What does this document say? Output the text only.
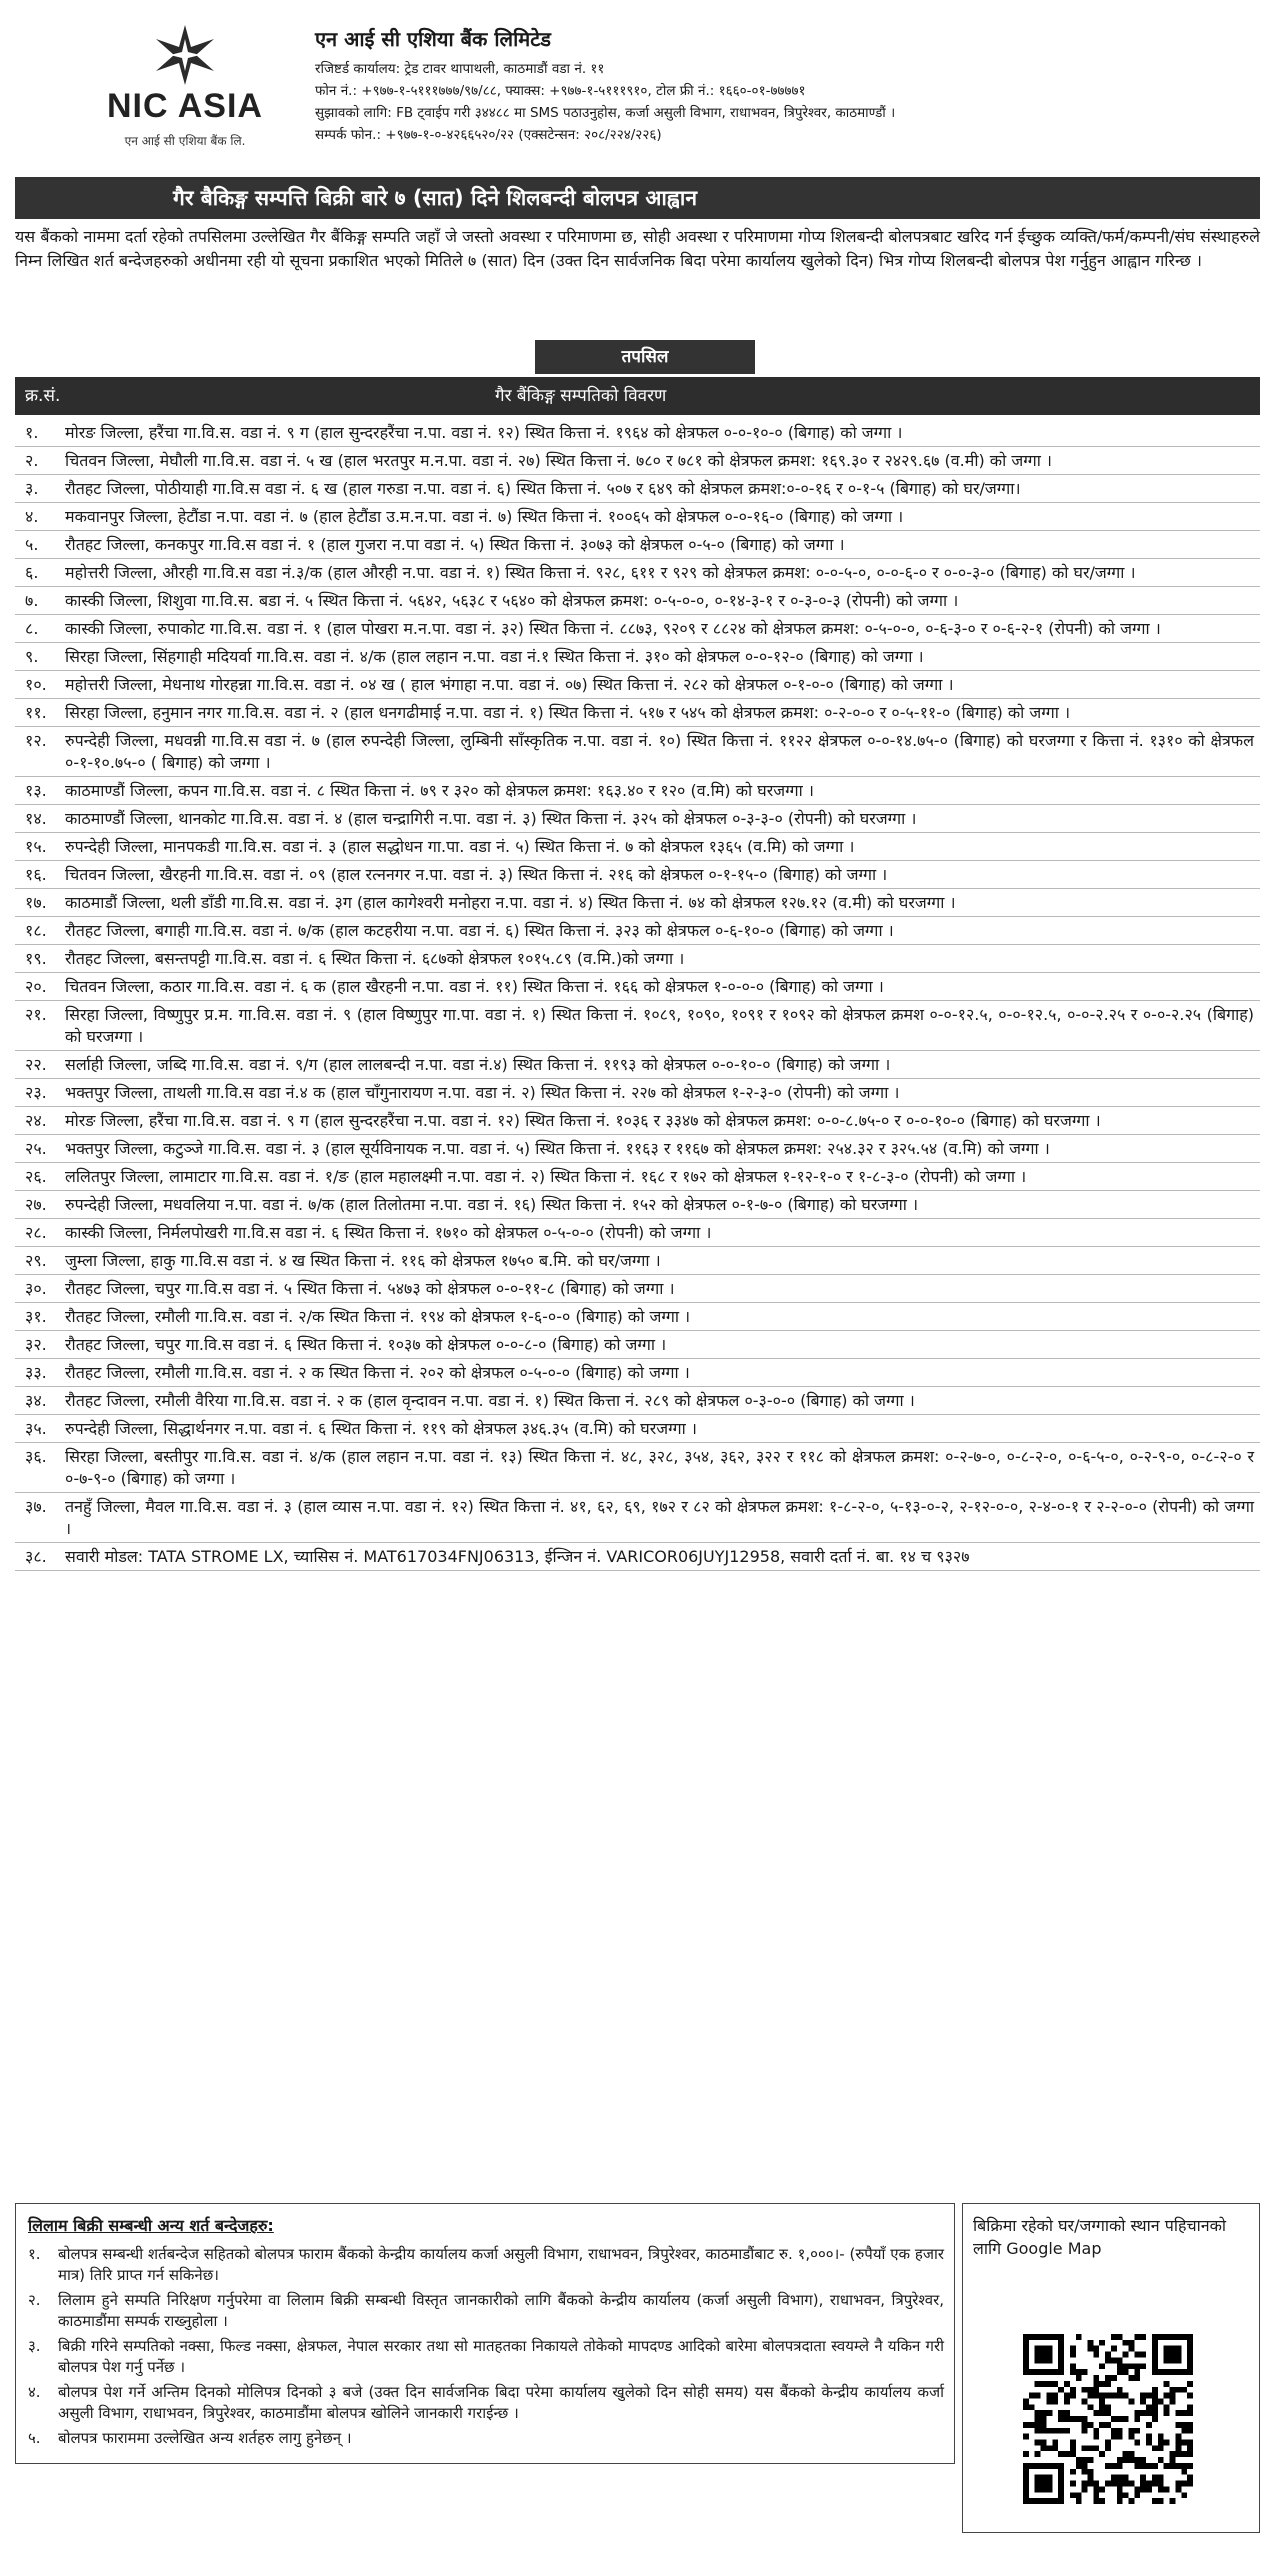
NIC ASIA
एन आई सी एशिया बैंक लि.
एन आई सी एशिया बैंक लिमिटेड
रजिष्टर्ड कार्यालय: ट्रेड टावर थापाथली, काठमाडौं वडा नं. ११
फोन नं.: +९७७-१-५१११७७७/९७/८८, फ्याक्स: +९७७-१-५१११९१०, टोल फ्री नं.: १६६०-०१-७७७७१
सुझावको लागि: FB ट्वाईप गरी ३४४८८ मा SMS पठाउनुहोस, कर्जा असुली विभाग, राधाभवन, त्रिपुरेश्वर, काठमाण्डौं ।
सम्पर्क फोन.: +९७७-१-०-४२६६५२०/२२ (एक्सटेन्सन: २०८/२२४/२२६)
गैर बैकिङ्ग सम्पत्ति बिक्री बारे ७ (सात) दिने शिलबन्दी बोलपत्र आह्वान
यस बैंकको नाममा दर्ता रहेको तपसिलमा उल्लेखित गैर बैंकिङ्ग सम्पति जहाँ जे जस्तो अवस्था र परिमाणमा छ, सोही अवस्था र परिमाणमा गोप्य शिलबन्दी बोलपत्रबाट खरिद गर्न ईच्छुक व्यक्ति/फर्म/कम्पनी/संघ संस्थाहरुले निम्न लिखित शर्त बन्देजहरुको अधीनमा रही यो सूचना प्रकाशित भएको मितिले ७ (सात) दिन (उक्त दिन सार्वजनिक बिदा परेमा कार्यालय खुलेको दिन) भित्र गोप्य शिलबन्दी बोलपत्र पेश गर्नुहुन आह्वान गरिन्छ ।
तपसिल
क्र.सं.	गैर बैंकिङ्ग सम्पतिको विवरण
१.	मोरङ जिल्ला, हरैंचा गा.वि.स. वडा नं. ९ ग (हाल सुन्दरहरैंचा न.पा. वडा नं. १२) स्थित कित्ता नं. १९६४ को क्षेत्रफल ०-०-१०-० (बिगाह) को जग्गा ।
२.	चितवन जिल्ला, मेघौली गा.वि.स. वडा नं. ५ ख (हाल भरतपुर म.न.पा. वडा नं. २७) स्थित कित्ता नं. ७८० र ७८१ को क्षेत्रफल क्रमश: १६९.३० र २४२९.६७ (व.मी) को जग्गा ।
३.	रौतहट जिल्ला, पोठीयाही गा.वि.स वडा नं. ६ ख (हाल गरुडा न.पा. वडा नं. ६) स्थित कित्ता नं. ५०७ र ६४९ को क्षेत्रफल क्रमश:०-०-१६ र ०-१-५ (बिगाह) को घर/जग्गा।
४.	मकवानपुर जिल्ला, हेटौंडा न.पा. वडा नं. ७ (हाल हेटौंडा उ.म.न.पा. वडा नं. ७) स्थित कित्ता नं. १००६५ को क्षेत्रफल ०-०-१६-० (बिगाह) को जग्गा ।
५.	रौतहट जिल्ला, कनकपुर गा.वि.स वडा नं. १ (हाल गुजरा न.पा वडा नं. ५) स्थित कित्ता नं. ३०७३ को क्षेत्रफल ०-५-० (बिगाह) को जग्गा ।
६.	महोत्तरी जिल्ला, औरही गा.वि.स वडा नं.३/क (हाल औरही न.पा. वडा नं. १) स्थित कित्ता नं. ९२८, ६११ र ९२९ को क्षेत्रफल क्रमश: ०-०-५-०, ०-०-६-० र ०-०-३-० (बिगाह) को घर/जग्गा ।
७.	कास्की जिल्ला, शिशुवा गा.वि.स. बडा नं. ५ स्थित कित्ता नं. ५६४२, ५६३८ र ५६४० को क्षेत्रफल क्रमश: ०-५-०-०, ०-१४-३-१ र ०-३-०-३ (रोपनी) को जग्गा ।
८.	कास्की जिल्ला, रुपाकोट गा.वि.स. वडा नं. १ (हाल पोखरा म.न.पा. वडा नं. ३२) स्थित कित्ता नं. ८८७३, ९२०९ र ८८२४ को क्षेत्रफल क्रमश: ०-५-०-०, ०-६-३-० र ०-६-२-१ (रोपनी) को जग्गा ।
९.	सिरहा जिल्ला, सिंहगाही मदियर्वा गा.वि.स. वडा नं. ४/क (हाल लहान न.पा. वडा नं.१ स्थित कित्ता नं. ३१० को क्षेत्रफल ०-०-१२-० (बिगाह) को जग्गा ।
१०.	महोत्तरी जिल्ला, मेधनाथ गोरहन्ना गा.वि.स. वडा नं. ०४ ख ( हाल भंगाहा न.पा. वडा नं. ०७) स्थित कित्ता नं. २८२ को क्षेत्रफल ०-१-०-० (बिगाह) को जग्गा ।
११.	सिरहा जिल्ला, हनुमान नगर गा.वि.स. वडा नं. २ (हाल धनगढीमाई न.पा. वडा नं. १) स्थित कित्ता नं. ५१७ र ५४५ को क्षेत्रफल क्रमश: ०-२-०-० र ०-५-११-० (बिगाह) को जग्गा ।
१२.	रुपन्देही जिल्ला, मधवन्नी गा.वि.स वडा नं. ७ (हाल रुपन्देही जिल्ला, लुम्बिनी साँस्कृतिक न.पा. वडा नं. १०) स्थित कित्ता नं. ११२२ क्षेत्रफल ०-०-१४.७५-० (बिगाह) को घरजग्गा र कित्ता नं. १३१० को क्षेत्रफल ०-१-१०.७५-० ( बिगाह) को जग्गा ।
१३.	काठमाण्डौं जिल्ला, कपन गा.वि.स. वडा नं. ८ स्थित कित्ता नं. ७९ र ३२० को क्षेत्रफल क्रमश: १६३.४० र १२० (व.मि) को घरजग्गा ।
१४.	काठमाण्डौं जिल्ला, थानकोट गा.वि.स. वडा नं. ४ (हाल चन्द्रागिरी न.पा. वडा नं. ३) स्थित कित्ता नं. ३२५ को क्षेत्रफल ०-३-३-० (रोपनी) को घरजग्गा ।
१५.	रुपन्देही जिल्ला, मानपकडी गा.वि.स. वडा नं. ३ (हाल सद्धोधन गा.पा. वडा नं. ५) स्थित कित्ता नं. ७ को क्षेत्रफल १३६५ (व.मि) को जग्गा ।
१६.	चितवन जिल्ला, खैरहनी गा.वि.स. वडा नं. ०९ (हाल रत्ननगर न.पा. वडा नं. ३) स्थित कित्ता नं. २१६ को क्षेत्रफल ०-१-१५-० (बिगाह) को जग्गा ।
१७.	काठमाडौं जिल्ला, थली डाँडी गा.वि.स. वडा नं. ३ग (हाल कागेश्वरी मनोहरा न.पा. वडा नं. ४) स्थित कित्ता नं. ७४ को क्षेत्रफल १२७.१२ (व.मी) को घरजग्गा ।
१८.	रौतहट जिल्ला, बगाही गा.वि.स. वडा नं. ७/क (हाल कटहरीया न.पा. वडा नं. ६) स्थित कित्ता नं. ३२३ को क्षेत्रफल ०-६-१०-० (बिगाह) को जग्गा ।
१९.	रौतहट जिल्ला, बसन्तपट्टी गा.वि.स. वडा नं. ६ स्थित कित्ता नं. ६८७को क्षेत्रफल १०१५.८९ (व.मि.)को जग्गा ।
२०.	चितवन जिल्ला, कठार गा.वि.स. वडा नं. ६ क (हाल खैरहनी न.पा. वडा नं. ११) स्थित कित्ता नं. १६६ को क्षेत्रफल १-०-०-० (बिगाह) को जग्गा ।
२१.	सिरहा जिल्ला, विष्णुपुर प्र.म. गा.वि.स. वडा नं. ९ (हाल विष्णुपुर गा.पा. वडा नं. १) स्थित कित्ता नं. १०८९, १०९०, १०९१ र १०९२ को क्षेत्रफल क्रमश ०-०-१२.५, ०-०-१२.५, ०-०-२.२५ र ०-०-२.२५ (बिगाह) को घरजग्गा ।
२२.	सर्लाही जिल्ला, जब्दि गा.वि.स. वडा नं. ९/ग (हाल लालबन्दी न.पा. वडा नं.४) स्थित कित्ता नं. ११९३ को क्षेत्रफल ०-०-१०-० (बिगाह) को जग्गा ।
२३.	भक्तपुर जिल्ला, ताथली गा.वि.स वडा नं.४ क (हाल चाँगुनारायण न.पा. वडा नं. २) स्थित कित्ता नं. २२७ को क्षेत्रफल १-२-३-० (रोपनी) को जग्गा ।
२४.	मोरङ जिल्ला, हरैंचा गा.वि.स. वडा नं. ९ ग (हाल सुन्दरहरैंचा न.पा. वडा नं. १२) स्थित कित्ता नं. १०३६ र ३३४७ को क्षेत्रफल क्रमश: ०-०-८.७५-० र ०-०-१०-० (बिगाह) को घरजग्गा ।
२५.	भक्तपुर जिल्ला, कटुञ्जे गा.वि.स. वडा नं. ३ (हाल सूर्यविनायक न.पा. वडा नं. ५) स्थित कित्ता नं. ११६३ र ११६७ को क्षेत्रफल क्रमश: २५४.३२ र ३२५.५४ (व.मि) को जग्गा ।
२६.	ललितपुर जिल्ला, लामाटार गा.वि.स. वडा नं. १/ङ (हाल महालक्ष्मी न.पा. वडा नं. २) स्थित कित्ता नं. १६८ र १७२ को क्षेत्रफल १-१२-१-० र १-८-३-० (रोपनी) को जग्गा ।
२७.	रुपन्देही जिल्ला, मधवलिया न.पा. वडा नं. ७/क (हाल तिलोतमा न.पा. वडा नं. १६) स्थित कित्ता नं. १५२ को क्षेत्रफल ०-१-७-० (बिगाह) को घरजग्गा ।
२८.	कास्की जिल्ला, निर्मलपोखरी गा.वि.स वडा नं. ६ स्थित कित्ता नं. १७१० को क्षेत्रफल ०-५-०-० (रोपनी) को जग्गा ।
२९.	जुम्ला जिल्ला, हाकु गा.वि.स वडा नं. ४ ख स्थित कित्ता नं. ११६ को क्षेत्रफल १७५० ब.मि. को घर/जग्गा ।
३०.	रौतहट जिल्ला, चपुर गा.वि.स वडा नं. ५ स्थित कित्ता नं. ५४७३ को क्षेत्रफल ०-०-११-८ (बिगाह) को जग्गा ।
३१.	रौतहट जिल्ला, रमौली गा.वि.स. वडा नं. २/क स्थित कित्ता नं. १९४ को क्षेत्रफल १-६-०-० (बिगाह) को जग्गा ।
३२.	रौतहट जिल्ला, चपुर गा.वि.स वडा नं. ६ स्थित कित्ता नं. १०३७ को क्षेत्रफल ०-०-८-० (बिगाह) को जग्गा ।
३३.	रौतहट जिल्ला, रमौली गा.वि.स. वडा नं. २ क स्थित कित्ता नं. २०२ को क्षेत्रफल ०-५-०-० (बिगाह) को जग्गा ।
३४.	रौतहट जिल्ला, रमौली वैरिया गा.वि.स. वडा नं. २ क (हाल वृन्दावन न.पा. वडा नं. १) स्थित कित्ता नं. २८९ को क्षेत्रफल ०-३-०-० (बिगाह) को जग्गा ।
३५.	रुपन्देही जिल्ला, सिद्धार्थनगर न.पा. वडा नं. ६ स्थित कित्ता नं. ११९ को क्षेत्रफल ३४६.३५ (व.मि) को घरजग्गा ।
३६.	सिरहा जिल्ला, बस्तीपुर गा.वि.स. वडा नं. ४/क (हाल लहान न.पा. वडा नं. १३) स्थित कित्ता नं. ४८, ३२८, ३५४, ३६२, ३२२ र ११८ को क्षेत्रफल क्रमश: ०-२-७-०, ०-८-२-०, ०-६-५-०, ०-२-९-०, ०-८-२-० र ०-७-९-० (बिगाह) को जग्गा ।
३७.	तनहुँ जिल्ला, मैवल गा.वि.स. वडा नं. ३ (हाल व्यास न.पा. वडा नं. १२) स्थित कित्ता नं. ४१, ६२, ६९, १७२ र ८२ को क्षेत्रफल क्रमश: १-८-२-०, ५-१३-०-२, २-१२-०-०, २-४-०-१ र २-२-०-० (रोपनी) को जग्गा ।
३८.	सवारी मोडल: TATA STROME LX, च्यासिस नं. MAT617034FNJ06313, ईन्जिन नं. VARICOR06JUYJ12958, सवारी दर्ता नं. बा. १४ च ९३२७
लिलाम बिक्री सम्बन्धी अन्य शर्त बन्देजहरु:
१.	बोलपत्र सम्बन्धी शर्तबन्देज सहितको बोलपत्र फाराम बैंकको केन्द्रीय कार्यालय कर्जा असुली विभाग, राधाभवन, त्रिपुरेश्वर, काठमाडौंबाट रु. १,०००।- (रुपैयाँ एक हजार मात्र) तिरि प्राप्त गर्न सकिनेछ।
२.	लिलाम हुने सम्पति निरिक्षण गर्नुपरेमा वा लिलाम बिक्री सम्बन्धी विस्तृत जानकारीको लागि बैंकको केन्द्रीय कार्यालय (कर्जा असुली विभाग), राधाभवन, त्रिपुरेश्वर, काठमाडौंमा सम्पर्क राख्नुहोला ।
३.	बिक्री गरिने सम्पतिको नक्सा, फिल्ड नक्सा, क्षेत्रफल, नेपाल सरकार तथा सो मातहतका निकायले तोकेको मापदण्ड आदिको बारेमा बोलपत्रदाता स्वयम्ले नै यकिन गरी बोलपत्र पेश गर्नु पर्नेछ ।
४.	बोलपत्र पेश गर्ने अन्तिम दिनको मोलिपत्र दिनको ३ बजे (उक्त दिन सार्वजनिक बिदा परेमा कार्यालय खुलेको दिन सोही समय) यस बैंकको केन्द्रीय कार्यालय कर्जा असुली विभाग, राधाभवन, त्रिपुरेश्वर, काठमाडौंमा बोलपत्र खोलिने जानकारी गराईन्छ ।
५.	बोलपत्र फाराममा उल्लेखित अन्य शर्तहरु लागु हुनेछन् ।
बिक्रिमा रहेको घर/जग्गाको स्थान पहिचानको लागि Google Map
